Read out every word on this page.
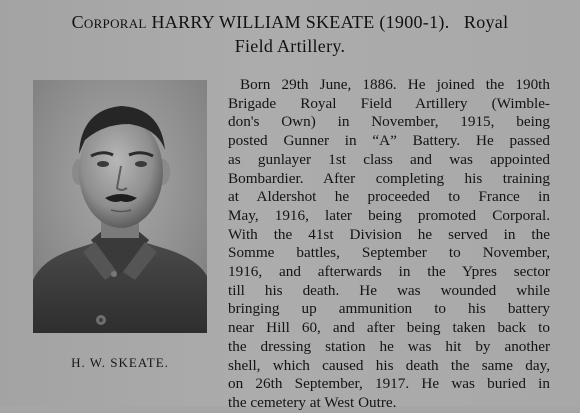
Corporal HARRY WILLIAM SKEATE (1900-1). Royal
Field Artillery.
H. W. SKEATE.
Born 29th June, 1886. He joined the 190th
Brigade Royal Field Artillery (Wimble-
don's Own) in November, 1915, being
posted Gunner in “A” Battery. He passed
as gunlayer 1st class and was appointed
Bombardier. After completing his training
at Aldershot he proceeded to France in
May, 1916, later being promoted Corporal.
With the 41st Division he served in the
Somme battles, September to November,
1916, and afterwards in the Ypres sector
till his death. He was wounded while
bringing up ammunition to his battery
near Hill 60, and after being taken back to
the dressing station he was hit by another
shell, which caused his death the same day,
on 26th September, 1917. He was buried in
the cemetery at West Outre.
